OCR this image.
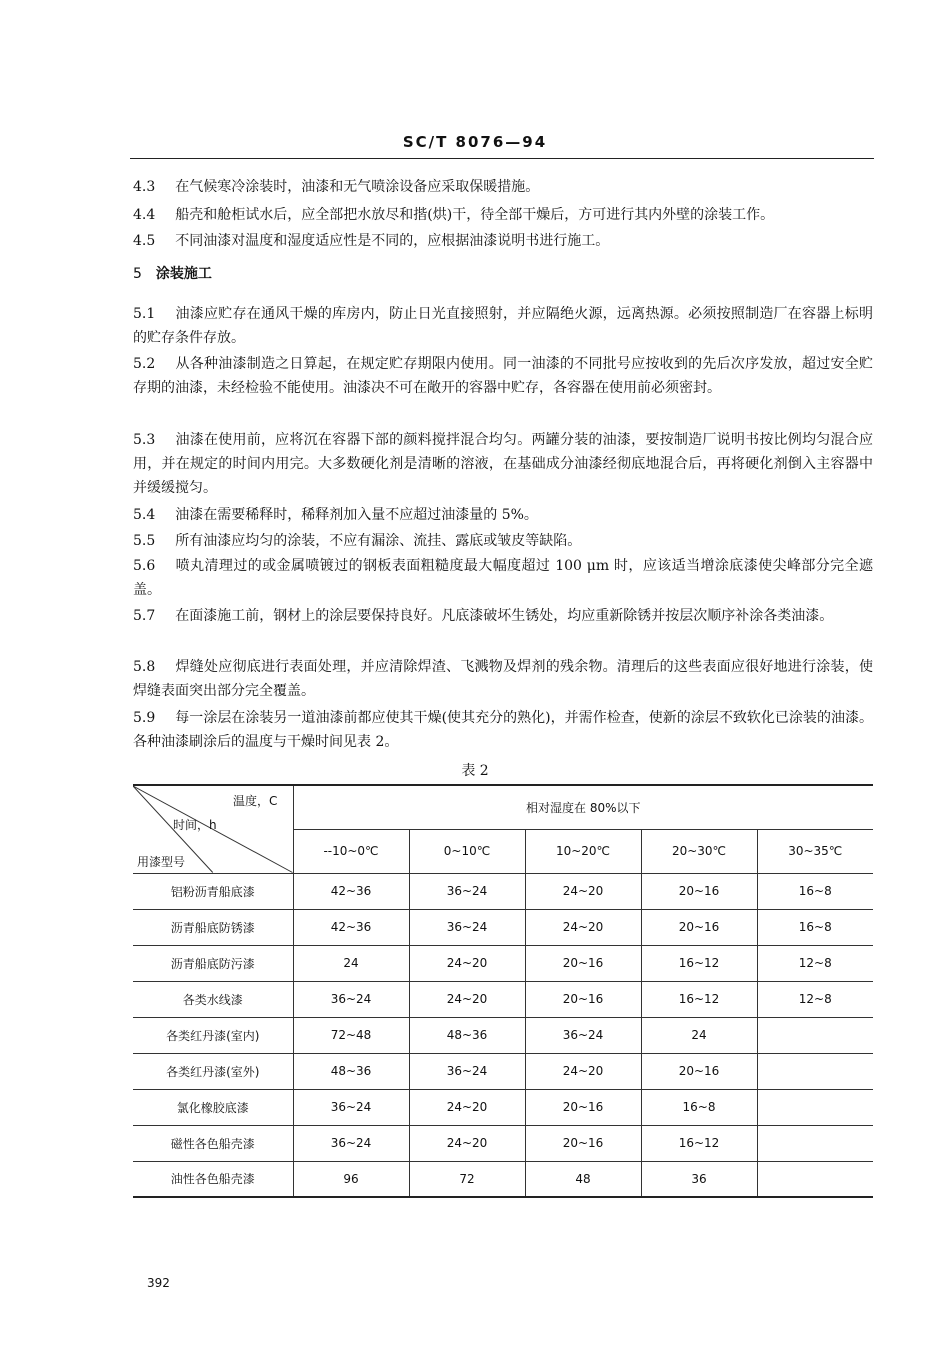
SC/T 8076—94
4.3 在气候寒冷涂装时，油漆和无气喷涂设备应采取保暖措施。
4.4 船壳和舱柜试水后，应全部把水放尽和揩(烘)干，待全部干燥后，方可进行其内外壁的涂装工作。
4.5 不同油漆对温度和湿度适应性是不同的，应根据油漆说明书进行施工。
5 涂装施工
5.1 油漆应贮存在通风干燥的库房内，防止日光直接照射，并应隔绝火源，远离热源。必须按照制造厂在容器上标明的贮存条件存放。
5.2 从各种油漆制造之日算起，在规定贮存期限内使用。同一油漆的不同批号应按收到的先后次序发放，超过安全贮存期的油漆，未经检验不能使用。油漆决不可在敞开的容器中贮存，各容器在使用前必须密封。
5.3 油漆在使用前，应将沉在容器下部的颜料搅拌混合均匀。两罐分装的油漆，要按制造厂说明书按比例均匀混合应用，并在规定的时间内用完。大多数硬化剂是清晰的溶液，在基础成分油漆经彻底地混合后，再将硬化剂倒入主容器中并缓缓搅匀。
5.4 油漆在需要稀释时，稀释剂加入量不应超过油漆量的 5%。
5.5 所有油漆应均匀的涂装，不应有漏涂、流挂、露底或皱皮等缺陷。
5.6 喷丸清理过的或金属喷镀过的钢板表面粗糙度最大幅度超过 100 μm 时，应该适当增涂底漆使尖峰部分完全遮盖。
5.7 在面漆施工前，钢材上的涂层要保持良好。凡底漆破坏生锈处，均应重新除锈并按层次顺序补涂各类油漆。
5.8 焊缝处应彻底进行表面处理，并应清除焊渣、飞溅物及焊剂的残余物。清理后的这些表面应很好地进行涂装，使焊缝表面突出部分完全覆盖。
5.9 每一涂层在涂装另一道油漆前都应使其干燥(使其充分的熟化)，并需作检查，使新的涂层不致软化已涂装的油漆。各种油漆刷涂后的温度与干燥时间见表 2。
表 2
温度，C
时间，h
用漆型号	相对湿度在 80%以下				
	--10~0℃	0~10℃	10~20℃	20~30℃	30~35℃
铝粉沥青船底漆	42~36	36~24	24~20	20~16	16~8
沥青船底防锈漆	42~36	36~24	24~20	20~16	16~8
沥青船底防污漆	24	24~20	20~16	16~12	12~8
各类水线漆	36~24	24~20	20~16	16~12	12~8
各类红丹漆(室内)	72~48	48~36	36~24	24	
各类红丹漆(室外)	48~36	36~24	24~20	20~16	
氯化橡胶底漆	36~24	24~20	20~16	16~8	
磁性各色船壳漆	36~24	24~20	20~16	16~12	
油性各色船壳漆	96	72	48	36	
392
